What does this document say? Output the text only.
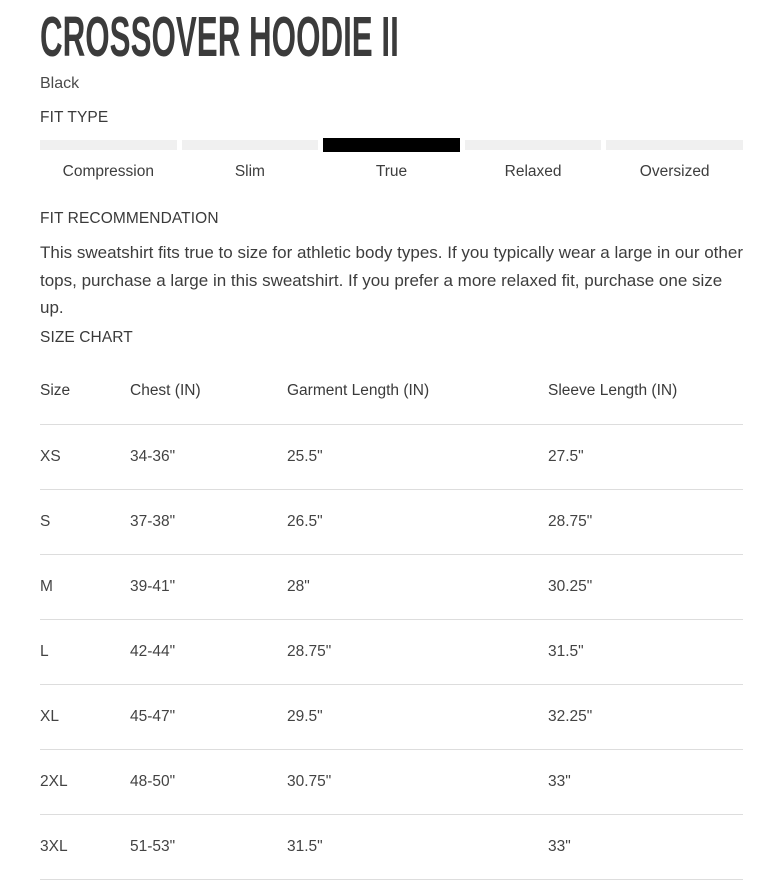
CROSSOVER HOODIE II
Black
FIT TYPE
Compression	Slim	True	Relaxed	Oversized
FIT RECOMMENDATION

This sweatshirt fits true to size for athletic body types. If you typically wear a large in our other tops, purchase a large in this sweatshirt. If you prefer a more relaxed fit, purchase one size up.

SIZE CHART
Size	Chest (IN)	Garment Length (IN)	Sleeve Length (IN)
XS	34-36"	25.5"	27.5"
S	37-38"	26.5"	28.75"
M	39-41"	28"	30.25"
L	42-44"	28.75"	31.5"
XL	45-47"	29.5"	32.25"
2XL	48-50"	30.75"	33"
3XL	51-53"	31.5"	33"
